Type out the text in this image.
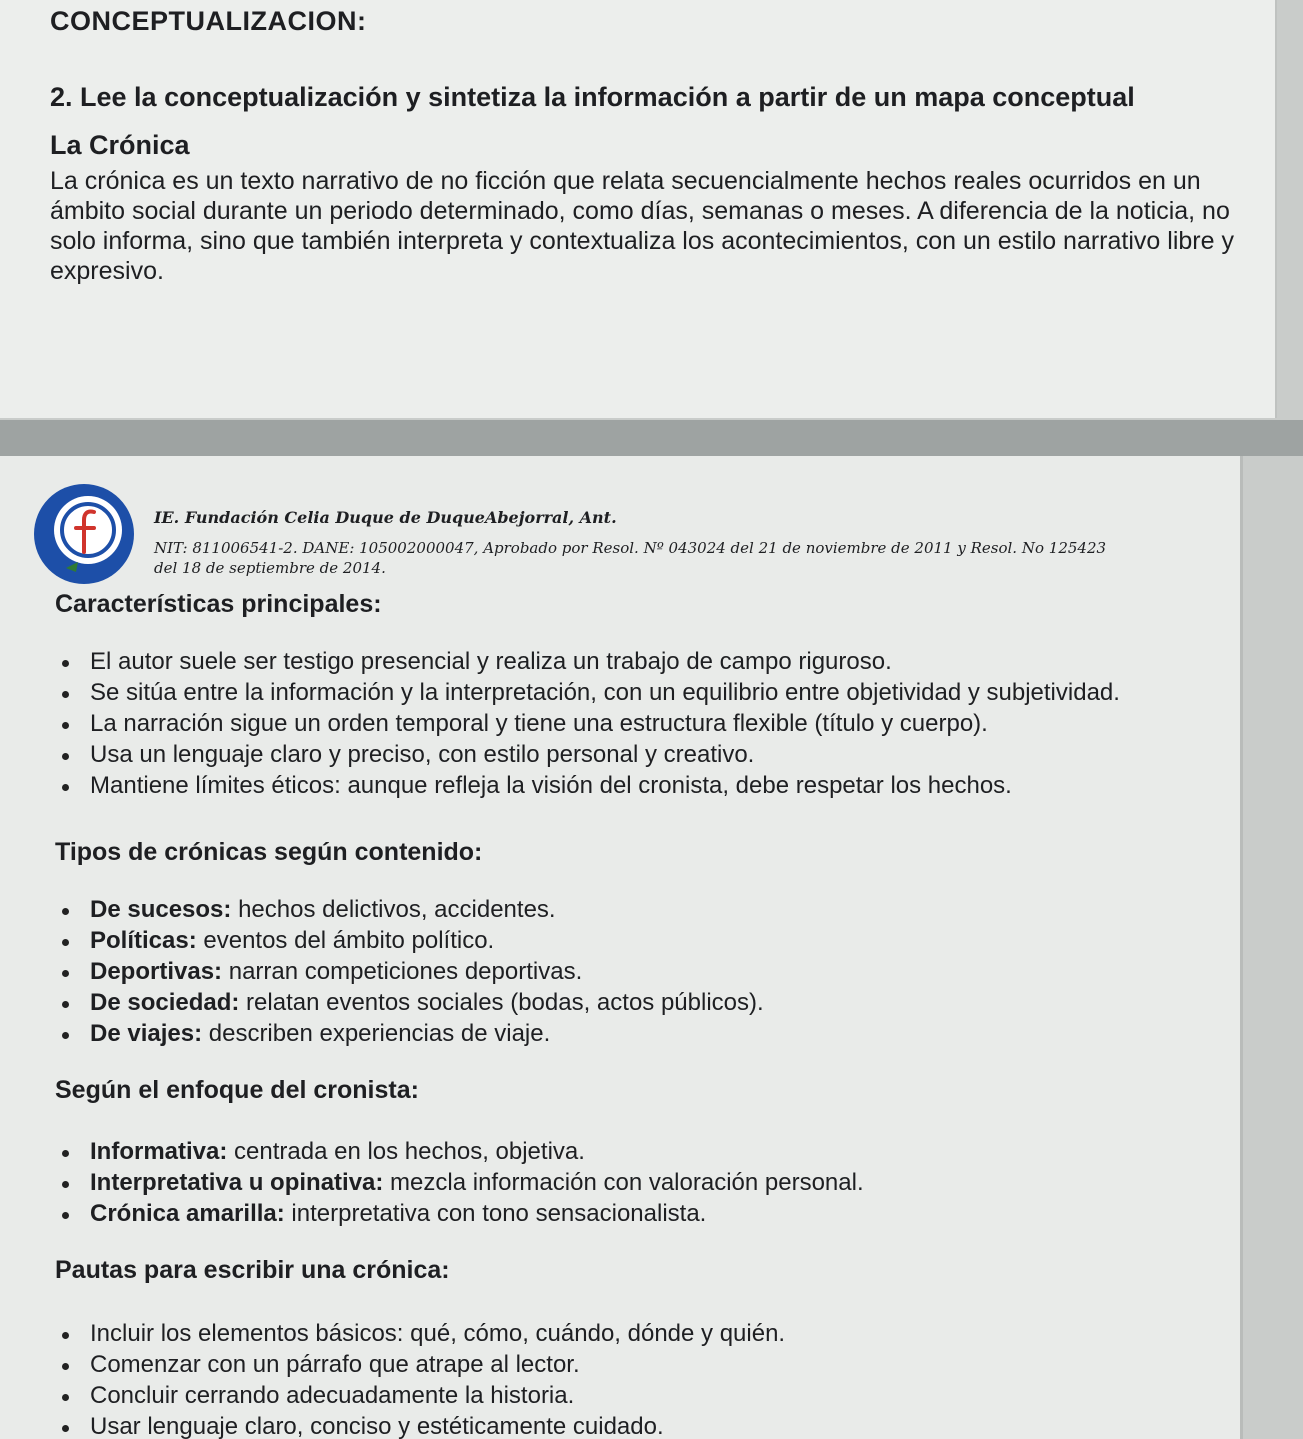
CONCEPTUALIZACION:
2. Lee la conceptualización y sintetiza la información a partir de un mapa conceptual
La Crónica
La crónica es un texto narrativo de no ficción que relata secuencialmente hechos reales ocurridos en un ámbito social durante un periodo determinado, como días, semanas o meses. A diferencia de la noticia, no solo informa, sino que también interpreta y contextualiza los acontecimientos, con un estilo narrativo libre y expresivo.
IE. Fundación Celia Duque de DuqueAbejorral, Ant.
NIT: 811006541-2. DANE: 105002000047, Aprobado por Resol. Nº 043024 del 21 de noviembre de 2011 y Resol. No 125423 del 18 de septiembre de 2014.
Características principales:
El autor suele ser testigo presencial y realiza un trabajo de campo riguroso.
Se sitúa entre la información y la interpretación, con un equilibrio entre objetividad y subjetividad.
La narración sigue un orden temporal y tiene una estructura flexible (título y cuerpo).
Usa un lenguaje claro y preciso, con estilo personal y creativo.
Mantiene límites éticos: aunque refleja la visión del cronista, debe respetar los hechos.
Tipos de crónicas según contenido:
De sucesos: hechos delictivos, accidentes.
Políticas: eventos del ámbito político.
Deportivas: narran competiciones deportivas.
De sociedad: relatan eventos sociales (bodas, actos públicos).
De viajes: describen experiencias de viaje.
Según el enfoque del cronista:
Informativa: centrada en los hechos, objetiva.
Interpretativa u opinativa: mezcla información con valoración personal.
Crónica amarilla: interpretativa con tono sensacionalista.
Pautas para escribir una crónica:
Incluir los elementos básicos: qué, cómo, cuándo, dónde y quién.
Comenzar con un párrafo que atrape al lector.
Concluir cerrando adecuadamente la historia.
Usar lenguaje claro, conciso y estéticamente cuidado.
